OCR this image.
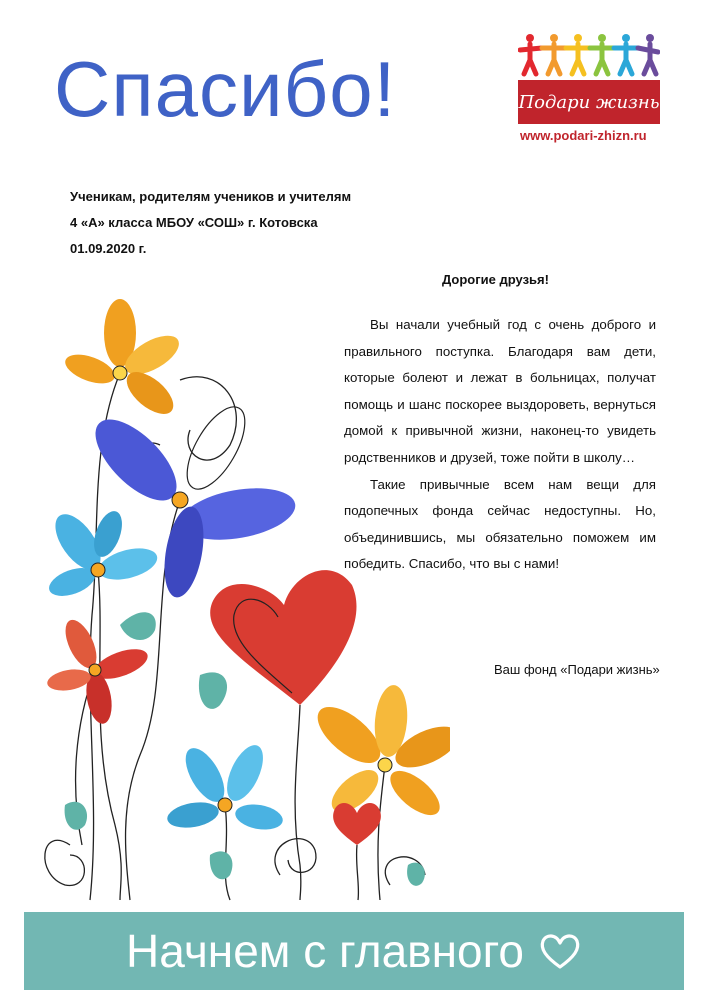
Спасибо!	Подари жизнь
www.podari-zhizn.ru
Ученикам, родителям учеников и учителям
4 «А» класса МБОУ «СОШ» г. Котовска
01.09.2020 г.
Дорогие друзья!

Вы начали учебный год с очень доброго и правильного поступка. Благодаря вам дети, которые болеют и лежат в больницах, получат помощь и шанс поскорее выздороветь, вернуться домой к привычной жизни, наконец-то увидеть родственников и друзей, тоже пойти в школу…

Такие привычные всем нам вещи для подопечных фонда сейчас недоступны. Но, объединившись, мы обязательно поможем им победить. Спасибо, что вы с нами!

Ваш фонд «Подари жизнь»
Начнем с главного
